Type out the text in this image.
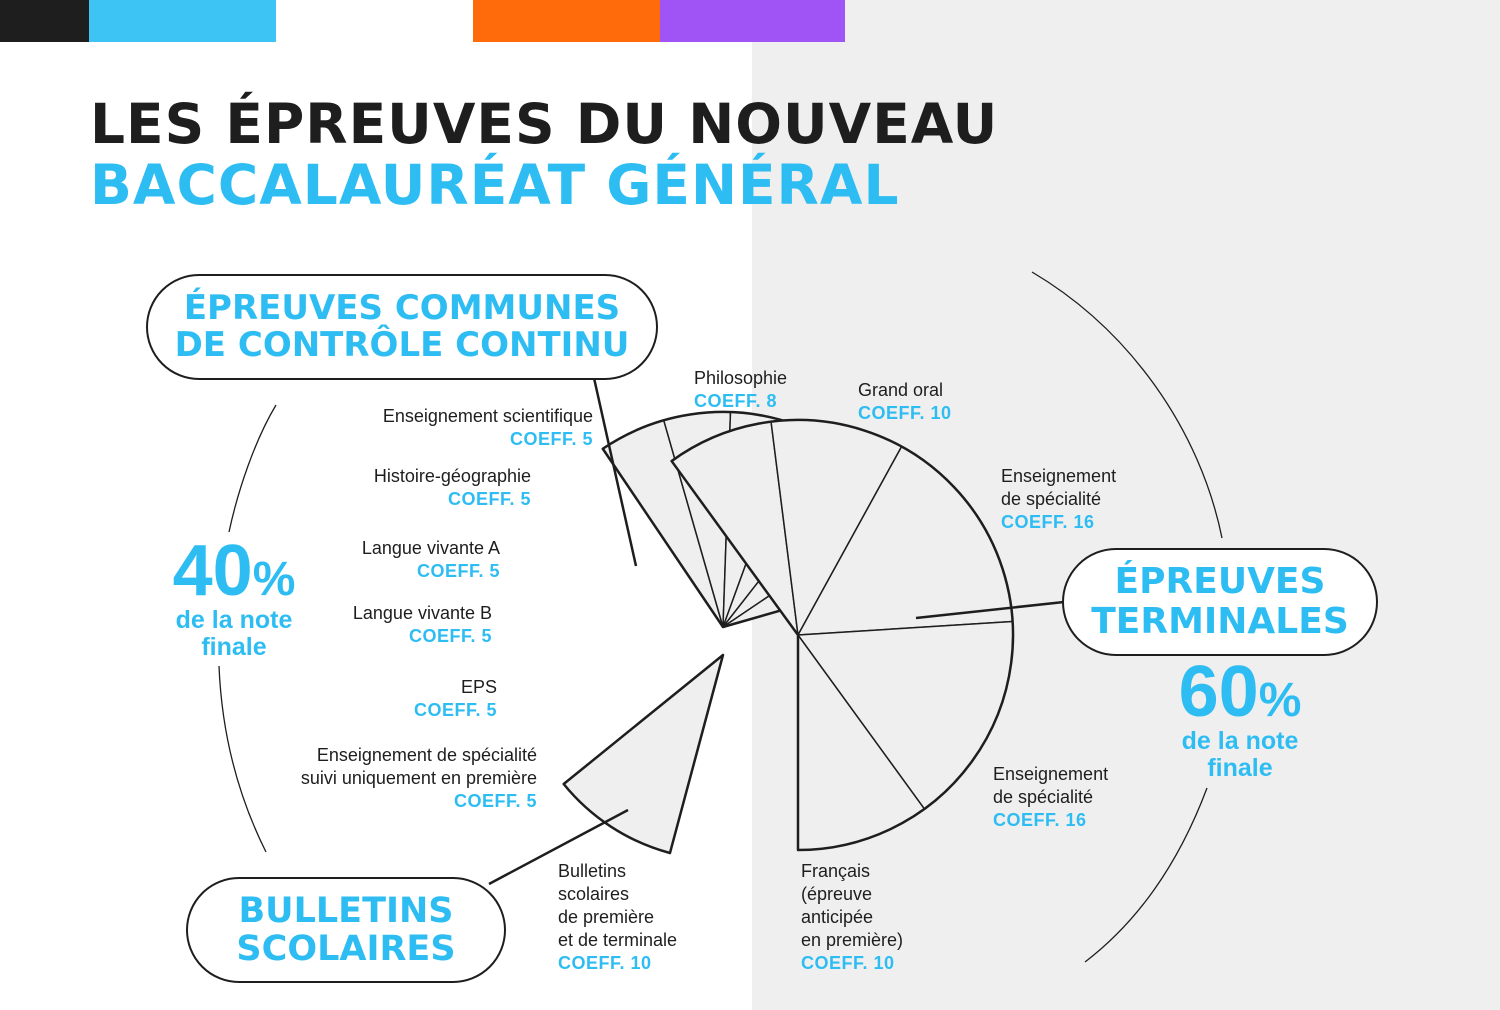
LES ÉPREUVES DU NOUVEAU
BACCALAURÉAT GÉNÉRAL
ÉPREUVES COMMUNES
DE CONTRÔLE CONTINU
BULLETINS
SCOLAIRES
ÉPREUVES
TERMINALES
40%
de la note
finale
60%
de la note
finale
Enseignement scientifique
COEFF. 5
Histoire-géographie
COEFF. 5
Langue vivante A
COEFF. 5
Langue vivante B
COEFF. 5
EPS
COEFF. 5
Enseignement de spécialité
suivi uniquement en première
COEFF. 5
Bulletins
scolaires
de première
et de terminale
COEFF. 10
Philosophie
COEFF. 8
Grand oral
COEFF. 10
Enseignement
de spécialité
COEFF. 16
Enseignement
de spécialité
COEFF. 16
Français
(épreuve
anticipée
en première)
COEFF. 10
